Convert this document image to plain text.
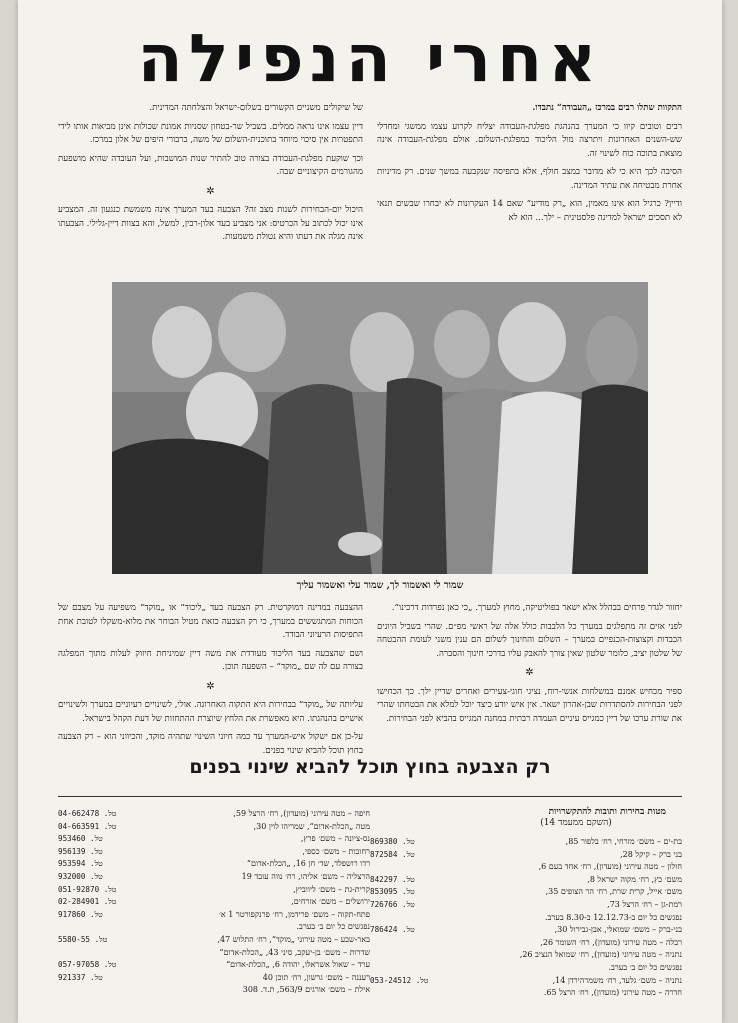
אחרי הנפילה

התקוות שתלו רבים במרכז „העבודה“ נתבדו.

רבים וטובים קיוו כי המערך בהנהגת מפלגת-העבודה יצליח לקרוע עצמו ממשגי ומחדלי שש-השנים האחרונות ויתרצה מול הליכוד כמפלגת-השלום. אולם מפלגת-העבודה אינה מוצאת בתוכה כוח לשינוי זה.

הסיבה לכך היא כי לא מדובר במצב חולף, אלא בתפיסה שנקבעה במשך שנים. רק מדיניות אחרת מבטיחה את עתיד המדינה.

ודיין? כרגיל הוא אינו מאמין, הוא „רק מודיע“ שאם 14 העקרונות לא יבחרו שבשים תנאי לא תסכים ישראל למדינה פלסטינית – ילך... הוא לא

של שיקולים משניים הקשורים בשלום-ישראל והצלחתה המדינית.

דיין עצמו אינו נראה ממלים. בשביל שר-בטחון שסניות אמונת שכולות אינן מביאות אותו לידי התפטרות אין סיכוי מיוחד בתוכנית-השלום של משה, ברבורי היפים של אלון במרכז.

וכך שוקעת מפלגת-העבודה בצורה טוב להתיר שנות המושבות, ועל העובדה שהיא מושפעת מהגורמים הקיצוניים שבה.

✲

היכול יום-הבחירות לשנות מצב זה? הצבעה בעד המערך אינה משמשת כנגעון זה. המצביע אינו יכול לכתוב על הכרטיס: אני מצביע בעד אלון-רבין, למשל, והא בצוות דיין-גלילי. הצבעתו אינה מגלה את דעתו והיא נטולת משמעות.

שמור לי ואשמור לך, שמור עלי ואשמור עליך

יחזור לגדר פרחים בבהלל אלא ישאר בפוליטיקה, מחוץ למערך. „כי כאן נפרדות דרכינו“.

לפני אזים זה מתפלגים במערך כל הלבבות כולל אלה של ראשי מפ״ם. שהרי בשביל היונים הכבדות וקצוצות-הכנפיים במערך – השלום והחינוך לשלום הם ענין משני לעומת ההבטחה של שלטון יציב, כלומר שלטון שאין צורך להאבק עליו בדרכי חינוך והסברה.

✲

ספיר מכחיש אמנם במשלחות אנשי-רוח, נציגי חוגי-צעירים ואחרים שדיין ילך. כך הכחישו לפני הבחירות להסתדרות שבן-אהרון ישאר. אין איש יודע כיצד יוכל למלא את הבטחתו שהרי את שורת ערכו של דיין כמגייס עיניים העמדה רבתית במחנה המגייס בהביא לפני הבחירות.

ההצבעה במדינה דמוקרטית. רק הצבעה בעד „ליכוד“ או „מוקד“ משפיעה על מצבם של הכוחות המתגששים במערך, כי רק הצבעה כזאת מטיל הבוחר את מלוא-משקלו לטובת אחת התפיסות הרעיוני הבודד.

ושם שהצבעה בעד הליכוד מעודדת את משה דיין שמיניחת חיזוק לעלות מתוך המפלגה בצורה עם לה שם „מוקד“ – השפעה תוכן.

✲

עליותה של „מוקד“ בבחירות היא התקוה האחרונה. אולי, לשינויים רעיוניים במערך ולשינויים אישיים בהנהגתו. היא מאפשרת את הלחץ שיוצרת ההתחזות של דעת הקהל בישראל.

על-כן אם ישקול איש-המערך עד כמה חיוני השינוי שתהיה מוקד, והכיווני הוא – רק הצבעה בחוץ תוכל להביא שינוי בפנים.

רק הצבעה בחוץ תוכל להביא שינוי בפנים
מטות בחירות ותובות להתקשרויות
(השקם ממעמד 14)
בת-ים – משם׳ מזרחי, רח׳ בלפור 85,
869380 .טל
בני ברק – קיקל 28,
872584 .טל
חולון – מטה עירוני (מועדון), רח׳ אחד בעם 6,
משם׳ כץ, רח׳ מקוה ישראל 8,
842297 .טל
משם׳ אייל, קרית שרת, רח׳ הר הצופים 35,
853095 .טל
רמת-גן – רח׳ הרצל 73,
726766 .טל
נפגשים כל יום ב-12.12.73 ב-8.30 בערב.
בני-ברק – משם׳ שמואלי, אבן-גבירול 30,
786424 .טל
רבלה – מטה עירוני (מועדון), רח׳ השומר 26,
נתניה – מטה עירוני (מועדון), רח׳ שמואל הנציב 26,
נפגשים כל יום ב׳ בערב.
נתניה – משם׳ גלעד, רח׳ משמרהירדן 14,
053-24512 .טל
חדרה – מטה עירוני (מועדון), רח׳ הרצל 65.
חיפה – מטה עירוני (מועדון), רח׳ הרצל 59,
04-662478 .טל
מטה „הכלת-אדום“, שמריהו לוין 30,
04-663591 .טל
נס-ציונה – משם׳ פרץ,
953460 .טל
רחובות – משם׳ כספי,
956139 .טל
רדו רושפלד, שד׳ חן 16, „הכלת-אדום“
953594 .טל
הרצליה – משם׳ אליהו, רח׳ נווה עובד 19
932000 .טל
קרית-גת – משם׳ ליווביץ,
051-92870 .טל
ירושלים – משם׳ אזרחים,
02-284901 .טל
פתח-תקוה – משם׳ פרידמן, רח׳ פרנקפורטר 1 א׳
917860 .טל
נפגשים כל יום ב׳ בערב.
באר-שבע – מטה עירוני „מוקד“, רח׳ התלוש 47,
5580-55 .טל
שדרות – משם׳ בן-יעקב, סיני 43, „הכלת-אדום“
ערד – שאול אשראלו, יהודה 6, „הכלת-אדום“
057-97058 .טל
רעננה – משם׳ גרשון, רח׳ תוכן 40
921337 .טל
אילת – משם׳ אורגים 563/9, ת.ד. 308
